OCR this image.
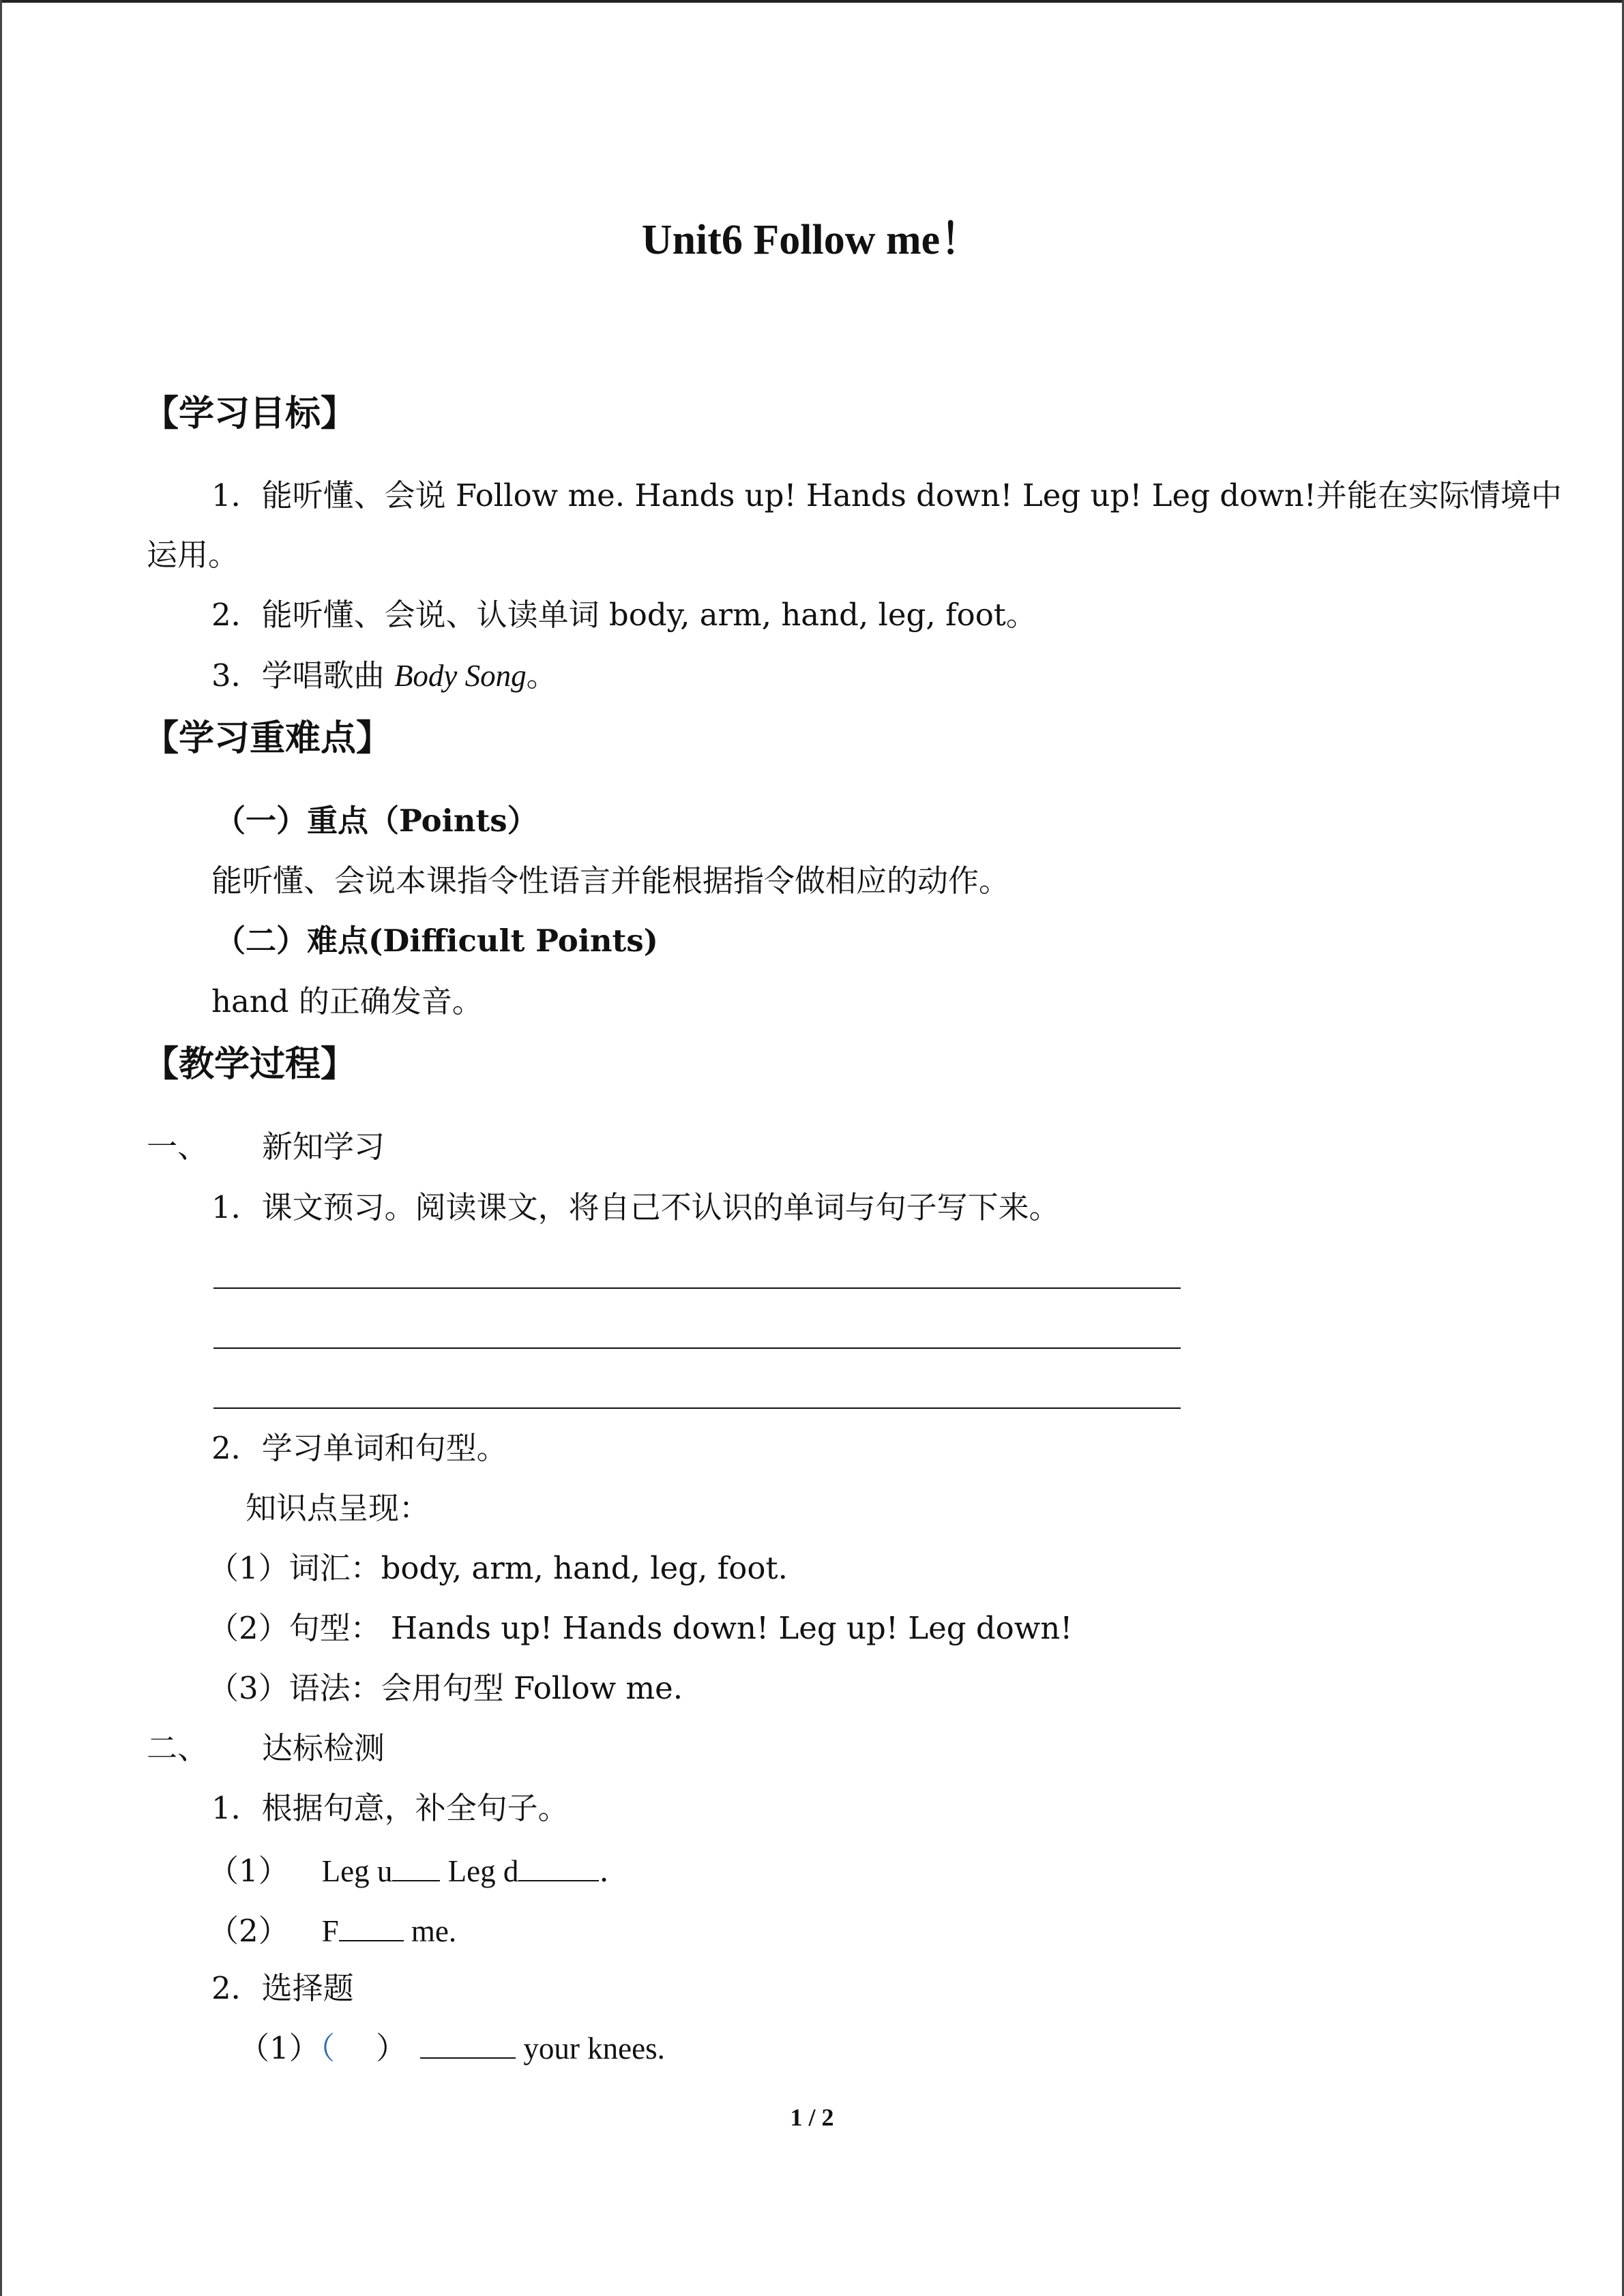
Unit6 Follow me！
【学习目标】
1．能听懂、会说 Follow me. Hands up! Hands down! Leg up! Leg down!并能在实际情境中
运用。
2．能听懂、会说、认读单词 body, arm, hand, leg, foot。
3．学唱歌曲 Body Song。
【学习重难点】
（一）重点（Points）
能听懂、会说本课指令性语言并能根据指令做相应的动作。
（二）难点(Difficult Points)
hand 的正确发音。
【教学过程】
一、 新知学习
1．课文预习。阅读课文，将自己不认识的单词与句子写下来。
2．学习单词和句型。
知识点呈现：
（1）词汇：body, arm, hand, leg, foot.
（2）句型： Hands up! Hands down! Leg up! Leg down!
（3）语法：会用句型 Follow me.
二、 达标检测
1．根据句意，补全句子。
（1） Leg u Leg d	.
（2） F me.
2．选择题
（1）（ ）	your knees.
1 / 2
